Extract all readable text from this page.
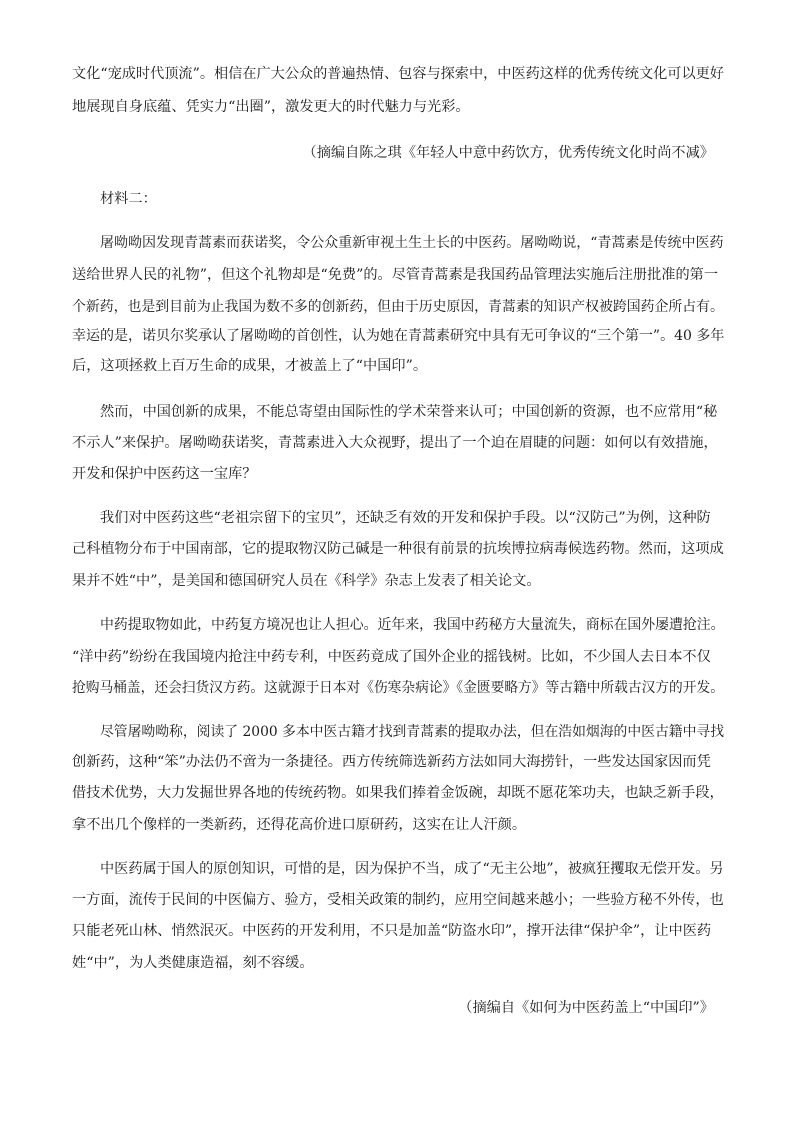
文化“宠成时代顶流”。相信在广大公众的普遍热情、包容与探索中，中医药这样的优秀传统文化可以更好
地展现自身底蕴、凭实力“出圈”，激发更大的时代魅力与光彩。
（摘编自陈之琪《年轻人中意中药饮方，优秀传统文化时尚不减》
材料二：
屠呦呦因发现青蒿素而获诺奖，令公众重新审视土生土长的中医药。屠呦呦说，“青蒿素是传统中医药
送给世界人民的礼物”，但这个礼物却是“免费”的。尽管青蒿素是我国药品管理法实施后注册批准的第一
个新药，也是到目前为止我国为数不多的创新药，但由于历史原因，青蒿素的知识产权被跨国药企所占有。
幸运的是，诺贝尔奖承认了屠呦呦的首创性，认为她在青蒿素研究中具有无可争议的“三个第一”。40 多年
后，这项拯救上百万生命的成果，才被盖上了“中国印”。
然而，中国创新的成果，不能总寄望由国际性的学术荣誉来认可；中国创新的资源，也不应常用“秘
不示人”来保护。屠呦呦获诺奖，青蒿素进入大众视野，提出了一个迫在眉睫的问题：如何以有效措施，
开发和保护中医药这一宝库？
我们对中医药这些“老祖宗留下的宝贝”，还缺乏有效的开发和保护手段。以“汉防己”为例，这种防
己科植物分布于中国南部，它的提取物汉防己碱是一种很有前景的抗埃博拉病毒候选药物。然而，这项成
果并不姓“中”，是美国和德国研究人员在《科学》杂志上发表了相关论文。
中药提取物如此，中药复方境况也让人担心。近年来，我国中药秘方大量流失，商标在国外屡遭抢注。
“洋中药”纷纷在我国境内抢注中药专利，中医药竟成了国外企业的摇钱树。比如，不少国人去日本不仅
抢购马桶盖，还会扫货汉方药。这就源于日本对《伤寒杂病论》《金匮要略方》等古籍中所载古汉方的开发。
尽管屠呦呦称，阅读了 2000 多本中医古籍才找到青蒿素的提取办法，但在浩如烟海的中医古籍中寻找
创新药，这种“笨”办法仍不啻为一条捷径。西方传统筛选新药方法如同大海捞针，一些发达国家因而凭
借技术优势，大力发掘世界各地的传统药物。如果我们捧着金饭碗，却既不愿花笨功夫，也缺乏新手段，
拿不出几个像样的一类新药，还得花高价进口原研药，这实在让人汗颜。
中医药属于国人的原创知识，可惜的是，因为保护不当，成了“无主公地”，被疯狂攫取无偿开发。另
一方面，流传于民间的中医偏方、验方，受相关政策的制约，应用空间越来越小；一些验方秘不外传，也
只能老死山林、悄然泯灭。中医药的开发利用，不只是加盖“防盗水印”，撑开法律“保护伞”，让中医药
姓“中”，为人类健康造福，刻不容缓。
（摘编自《如何为中医药盖上“中国印”》
